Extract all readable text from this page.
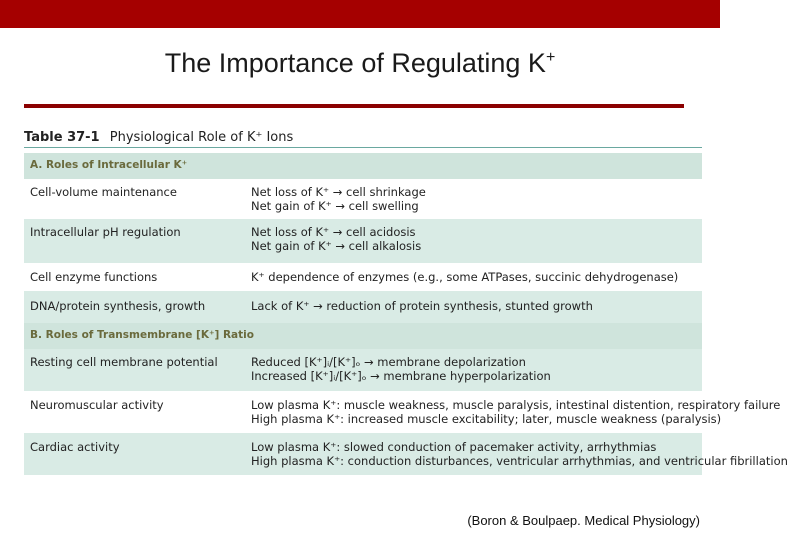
The Importance of Regulating K+
Table 37-1 Physiological Role of K⁺ Ions
A. Roles of Intracellular K⁺
Cell-volume maintenance	Net loss of K⁺ → cell shrinkage
Net gain of K⁺ → cell swelling
Intracellular pH regulation	Net loss of K⁺ → cell acidosis
Net gain of K⁺ → cell alkalosis
Cell enzyme functions	K⁺ dependence of enzymes (e.g., some ATPases, succinic dehydrogenase)
DNA/protein synthesis, growth	Lack of K⁺ → reduction of protein synthesis, stunted growth
B. Roles of Transmembrane [K⁺] Ratio
Resting cell membrane potential	Reduced [K⁺]ᵢ/[K⁺]ₒ → membrane depolarization
Increased [K⁺]ᵢ/[K⁺]ₒ → membrane hyperpolarization
Neuromuscular activity	Low plasma K⁺: muscle weakness, muscle paralysis, intestinal distention, respiratory failure
High plasma K⁺: increased muscle excitability; later, muscle weakness (paralysis)
Cardiac activity	Low plasma K⁺: slowed conduction of pacemaker activity, arrhythmias
High plasma K⁺: conduction disturbances, ventricular arrhythmias, and ventricular fibrillation
(Boron & Boulpaep. Medical Physiology)
